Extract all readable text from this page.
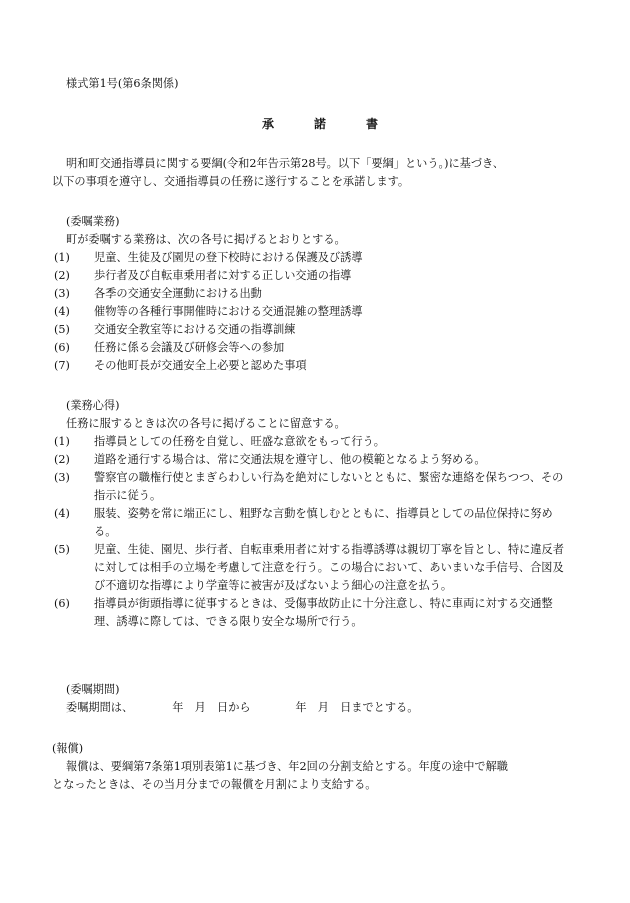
様式第1号(第6条関係)

承	諾	書

明和町交通指導員に関する要綱(令和2年告示第28号。以下「要綱」という。)に基づき、

以下の事項を遵守し、交通指導員の任務に遂行することを承諾します。

(委嘱業務)

町が委嘱する業務は、次の各号に掲げるとおりとする。

(1) 児童、生徒及び園児の登下校時における保護及び誘導
(2) 歩行者及び自転車乗用者に対する正しい交通の指導
(3) 各季の交通安全運動における出動
(4) 催物等の各種行事開催時における交通混雑の整理誘導
(5) 交通安全教室等における交通の指導訓練
(6) 任務に係る会議及び研修会等への参加
(7) その他町長が交通安全上必要と認めた事項

(業務心得)

任務に服するときは次の各号に掲げることに留意する。

(1) 指導員としての任務を自覚し、旺盛な意欲をもって行う。
(2) 道路を通行する場合は、常に交通法規を遵守し、他の模範となるよう努める。
(3) 警察官の職権行使とまぎらわしい行為を絶対にしないとともに、緊密な連絡を保ちつつ、その指示に従う。
(4) 服装、姿勢を常に端正にし、粗野な言動を慎しむとともに、指導員としての品位保持に努める。
(5) 児童、生徒、園児、歩行者、自転車乗用者に対する指導誘導は親切丁寧を旨とし、特に違反者に対しては相手の立場を考慮して注意を行う。この場合において、あいまいな手信号、合図及び不適切な指導により学童等に被害が及ばないよう細心の注意を払う。
(6) 指導員が街頭指導に従事するときは、受傷事故防止に十分注意し、特に車両に対する交通整理、誘導に際しては、できる限り安全な場所で行う。

(委嘱期間)

委嘱期間は、　　　　年　月　日から　　　　年　月　日までとする。

(報償)

報償は、要綱第7条第1項別表第1に基づき、年2回の分割支給とする。年度の途中で解職

となったときは、その当月分までの報償を月割により支給する。
